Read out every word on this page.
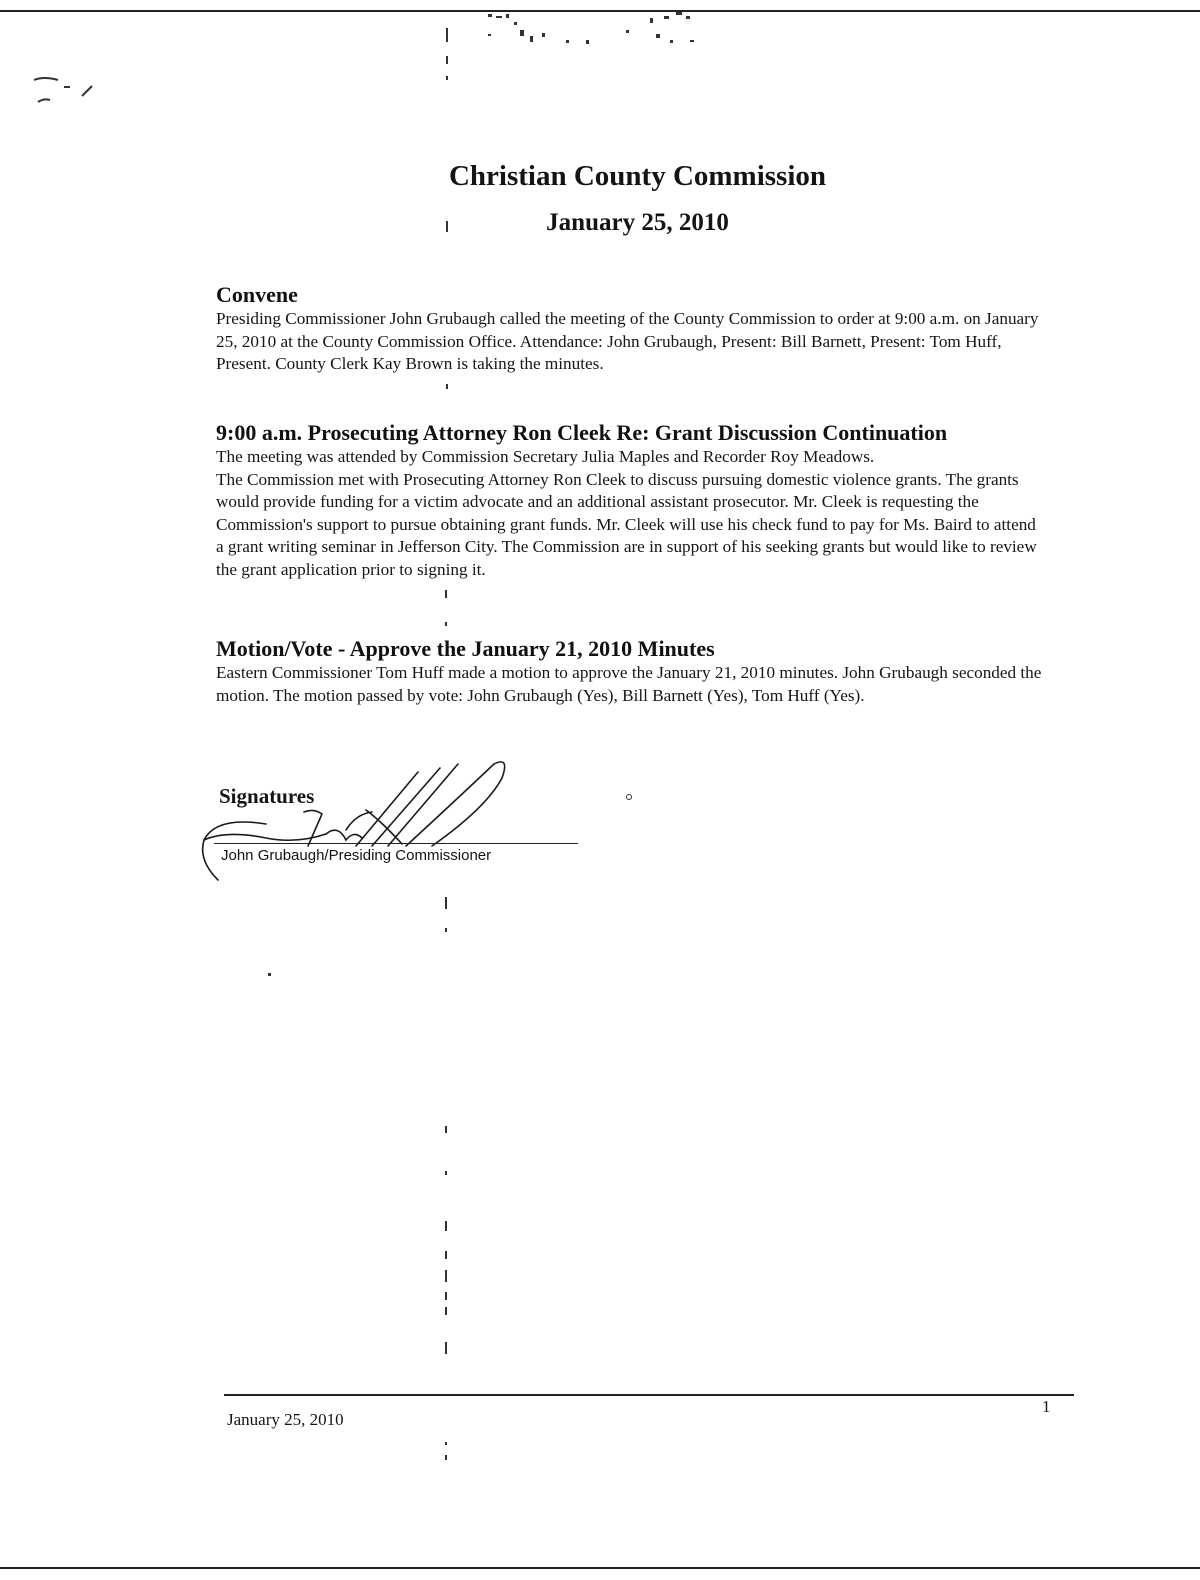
Christian County Commission
January 25, 2010
Convene

Presiding Commissioner John Grubaugh called the meeting of the County Commission to order at 9:00 a.m. on January 25, 2010 at the County Commission Office. Attendance: John Grubaugh, Present: Bill Barnett, Present: Tom Huff, Present. County Clerk Kay Brown is taking the minutes.

9:00 a.m. Prosecuting Attorney Ron Cleek Re: Grant Discussion Continuation

The meeting was attended by Commission Secretary Julia Maples and Recorder Roy Meadows.

The Commission met with Prosecuting Attorney Ron Cleek to discuss pursuing domestic violence grants. The grants would provide funding for a victim advocate and an additional assistant prosecutor. Mr. Cleek is requesting the Commission's support to pursue obtaining grant funds. Mr. Cleek will use his check fund to pay for Ms. Baird to attend a grant writing seminar in Jefferson City. The Commission are in support of his seeking grants but would like to review the grant application prior to signing it.

Motion/Vote - Approve the January 21, 2010 Minutes

Eastern Commissioner Tom Huff made a motion to approve the January 21, 2010 minutes. John Grubaugh seconded the motion. The motion passed by vote: John Grubaugh (Yes), Bill Barnett (Yes), Tom Huff (Yes).

Signatures
John Grubaugh/Presiding Commissioner
January 25, 2010
1
